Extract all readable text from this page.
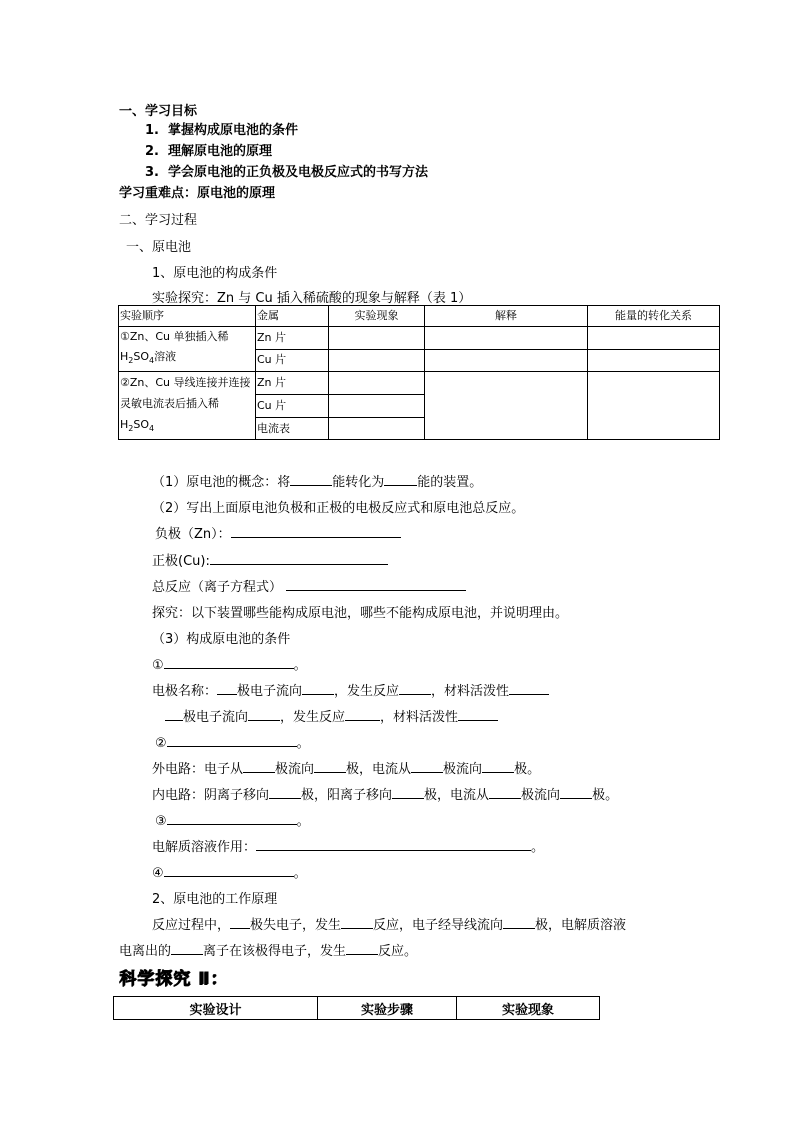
一、学习目标
1. 掌握构成原电池的条件
2. 理解原电池的原理
3. 学会原电池的正负极及电极反应式的书写方法
学习重难点：原电池的原理
二、学习过程
一、原电池
1、原电池的构成条件
实验探究：Zn 与 Cu 插入稀硫酸的现象与解释（表 1）
实验顺序	金属	实验现象	解释	能量的转化关系
①Zn、Cu 单独插入稀
$H_2SO_4$溶液	Zn 片			
	Cu 片			
②Zn、Cu 导线连接并连接
灵敏电流表后插入稀
$H_2SO_4$	Zn 片			
	Cu 片			
	电流表			
（1）原电池的概念：将	能转化为	能的装置。
（2）写出上面原电池负极和正极的电极反应式和原电池总反应。
负极（Zn）：
正极(Cu):
总反应（离子方程式）
探究：以下装置哪些能构成原电池，哪些不能构成原电池，并说明理由。
（3）构成原电池的条件
①	。
电极名称： 极电子流向 ，发生反应 ，材料活泼性
极电子流向 ，发生反应	，材料活泼性
②	。
外电路：电子从 极流向 极，电流从 极流向 极。
内电路：阴离子移向 极，阳离子移向 极，电流从 极流向 极。
③	。
电解质溶液作用：	。
④	。
2、原电池的工作原理
反应过程中， 极失电子，发生 反应，电子经导线流向 极，电解质溶液
电离出的 离子在该极得电子，发生 反应。
科学探究 Ⅱ：
实验设计	实验步骤	实验现象
